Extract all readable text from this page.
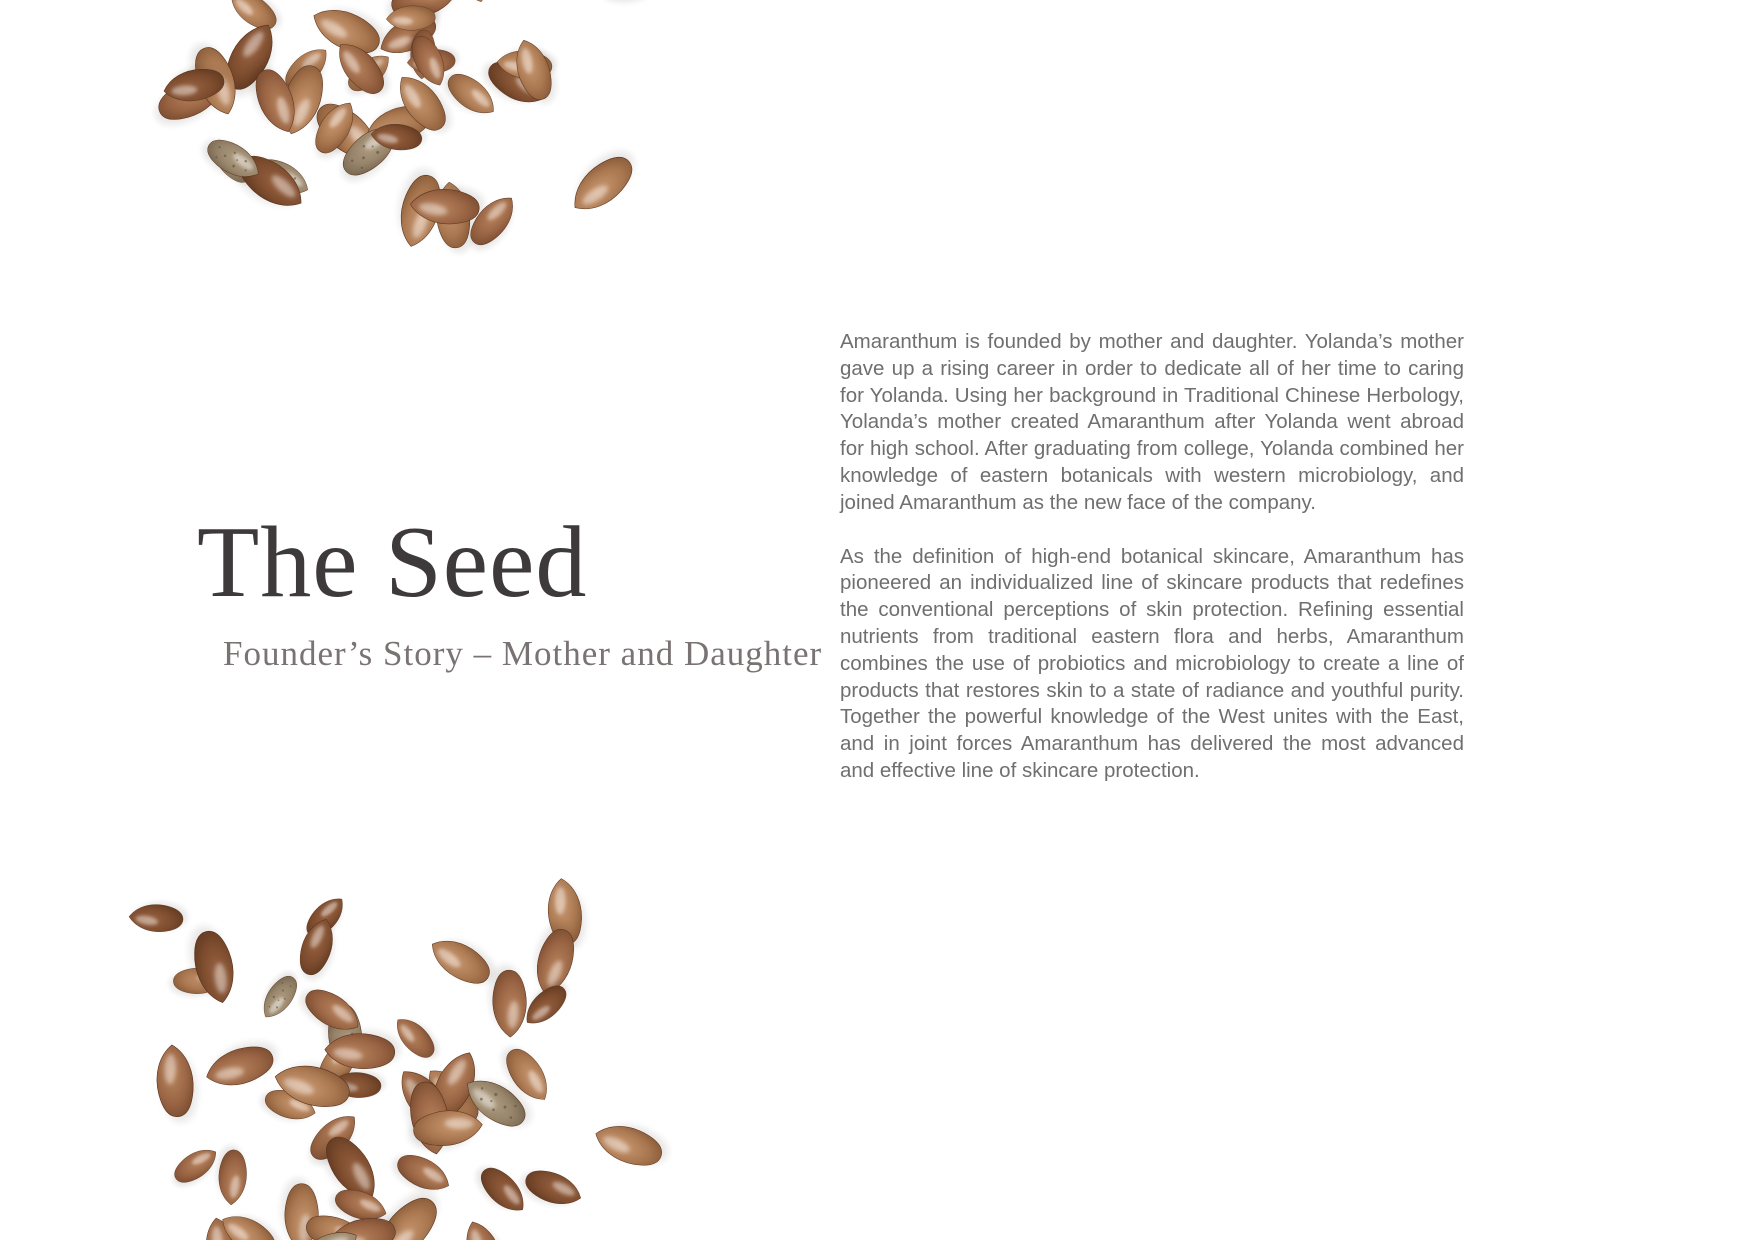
The Seed

Founder’s Story – Mother and Daughter

Amaranthum is founded by mother and daughter. Yolanda’s mother gave up a rising career in order to dedicate all of her time to caring for Yolanda. Using her background in Traditional Chinese Herbology, Yolanda’s mother created Amaranthum after Yolanda went abroad for high school. After graduating from college, Yolanda combined her knowledge of eastern botanicals with western microbiology, and joined Amaranthum as the new face of the company.

As the definition of high-end botanical skincare, Amaranthum has pioneered an individualized line of skincare products that redefines the conventional perceptions of skin protection. Refining essential nutrients from traditional eastern flora and herbs, Amaranthum combines the use of probiotics and microbiology to create a line of products that restores skin to a state of radiance and youthful purity. Together the powerful knowledge of the West unites with the East, and in joint forces Amaranthum has delivered the most advanced and effective line of skincare protection.
